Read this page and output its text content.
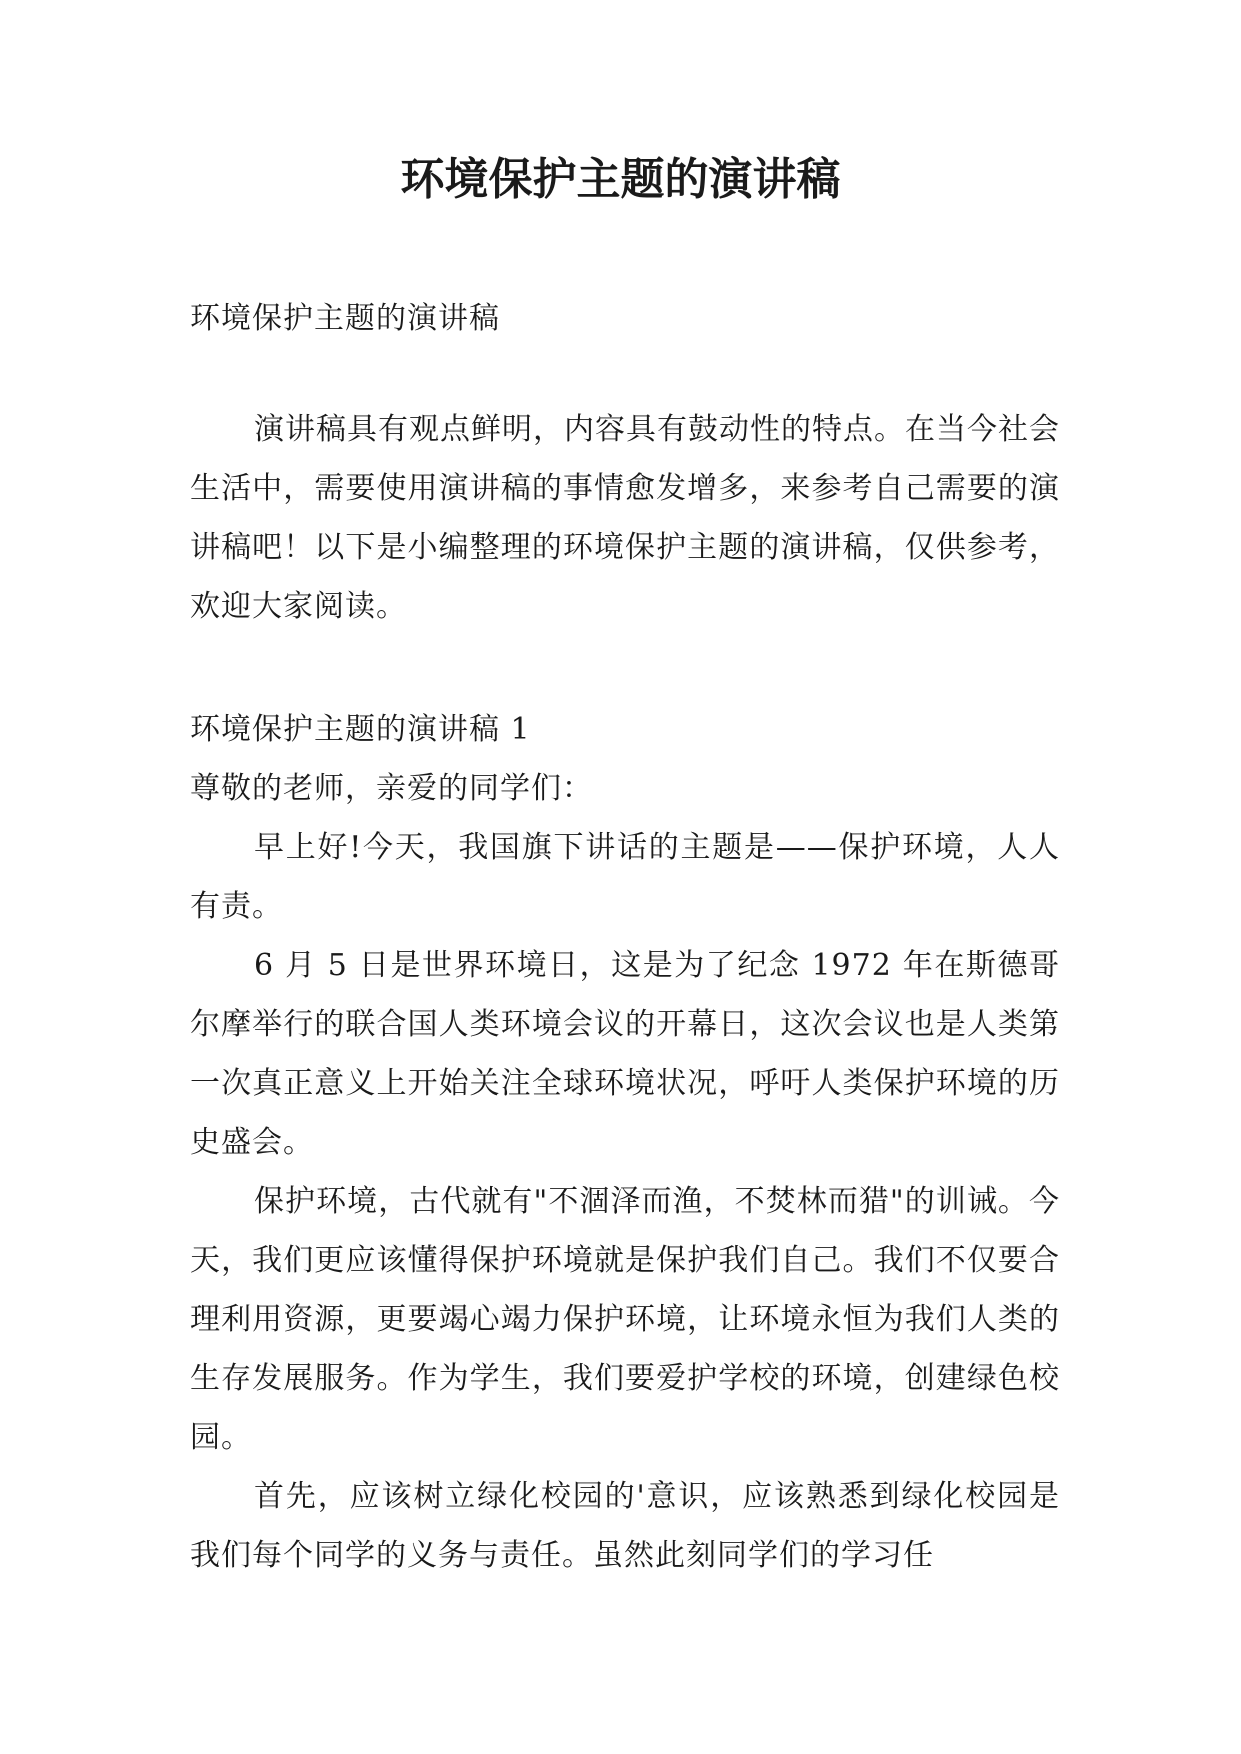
环境保护主题的演讲稿

环境保护主题的演讲稿

演讲稿具有观点鲜明，内容具有鼓动性的特点。在当今社会生活中，需要使用演讲稿的事情愈发增多，来参考自己需要的演讲稿吧！以下是小编整理的环境保护主题的演讲稿，仅供参考，欢迎大家阅读。

环境保护主题的演讲稿 1

尊敬的老师，亲爱的同学们：

早上好!今天，我国旗下讲话的主题是——保护环境，人人有责。

6 月 5 日是世界环境日，这是为了纪念 1972 年在斯德哥尔摩举行的联合国人类环境会议的开幕日，这次会议也是人类第一次真正意义上开始关注全球环境状况，呼吁人类保护环境的历史盛会。

保护环境，古代就有"不涸泽而渔，不焚林而猎"的训诫。今天，我们更应该懂得保护环境就是保护我们自己。我们不仅要合理利用资源，更要竭心竭力保护环境，让环境永恒为我们人类的生存发展服务。作为学生，我们要爱护学校的环境，创建绿色校园。

首先，应该树立绿化校园的'意识，应该熟悉到绿化校园是我们每个同学的义务与责任。虽然此刻同学们的学习任
